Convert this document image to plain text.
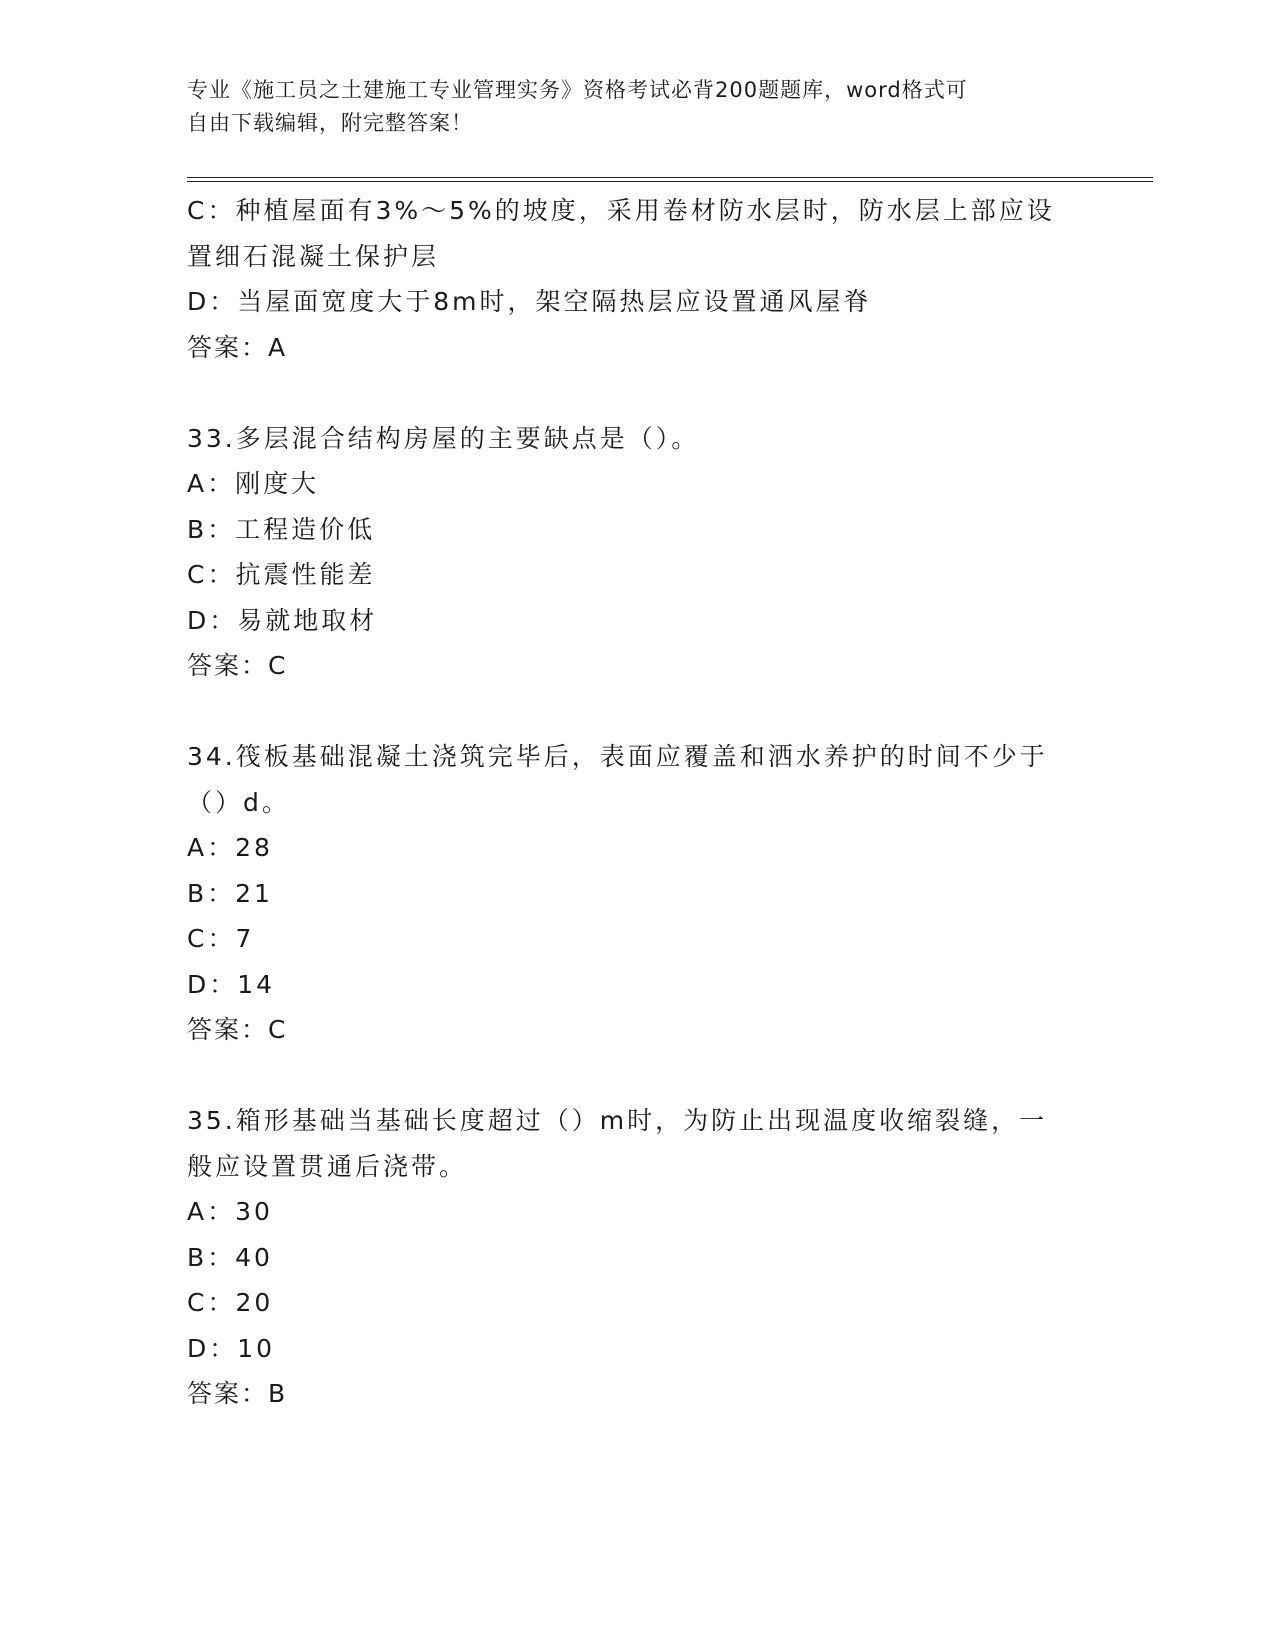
专业《施工员之土建施工专业管理实务》资格考试必背200题题库，word格式可
自由下载编辑，附完整答案！
C：种植屋面有3%～5%的坡度，采用卷材防水层时，防水层上部应设
置细石混凝土保护层
D：当屋面宽度大于8m时，架空隔热层应设置通风屋脊
答案：A
33.多层混合结构房屋的主要缺点是（）。
A：刚度大
B：工程造价低
C：抗震性能差
D：易就地取材
答案：C
34.筏板基础混凝土浇筑完毕后，表面应覆盖和洒水养护的时间不少于
（）d。
A：28
B：21
C：7
D：14
答案：C
35.箱形基础当基础长度超过（）m时，为防止出现温度收缩裂缝，一
般应设置贯通后浇带。
A：30
B：40
C：20
D：10
答案：B
